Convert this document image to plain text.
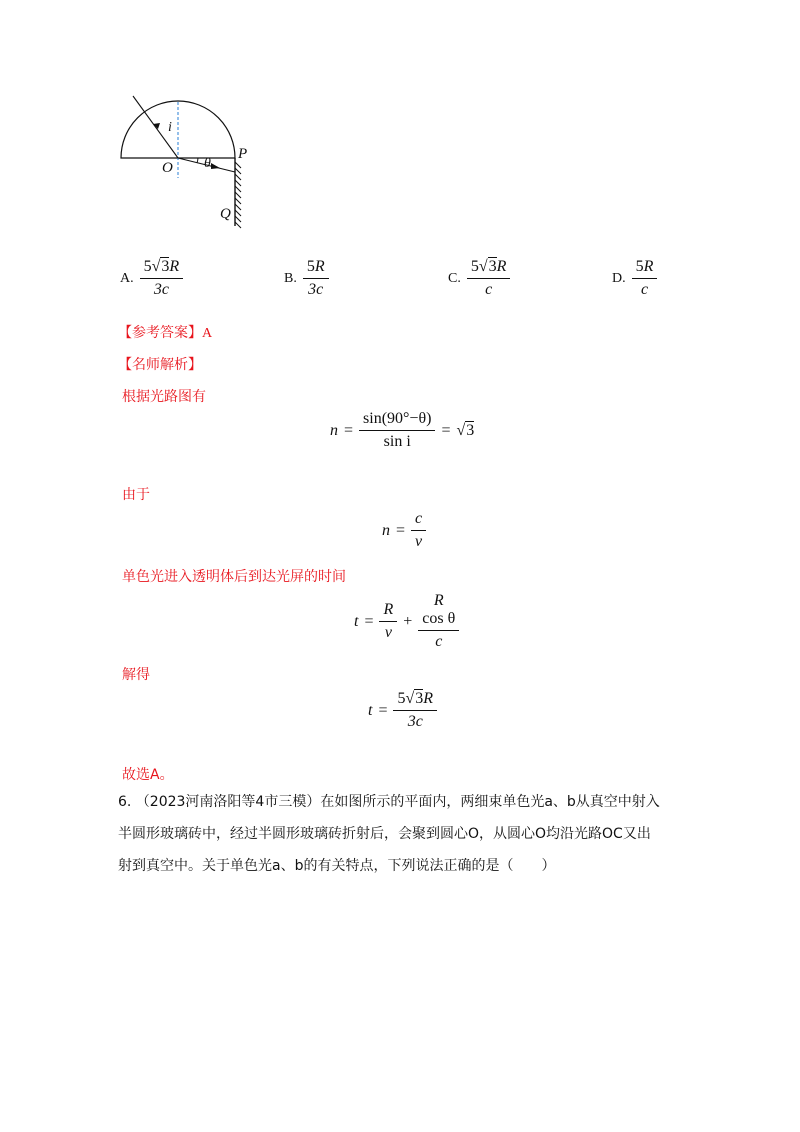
i
O θ
P
Q
A. $\frac{5√3R}{3c}$	B. $\frac{5R}{3c}$	C. $\frac{5√3R}{c}$	D. $\frac{5R}{c}$
【参考答案】A
【名师解析】
根据光路图有
$n = \frac{\sin(90^\circ-\theta)}{\text{sin i}} = √3$
由于
$n = \frac{c}{v}$
单色光进入透明体后到达光屏的时间
$t = \frac{R}{v} + R$
cos θ
c
解得
$t = \frac{5√3R}{3c}$
故选A。
6. （2023河南洛阳等4市三模）在如图所示的平面内，两细束单色光a、b从真空中射入
半圆形玻璃砖中，经过半圆形玻璃砖折射后，会聚到圆心O，从圆心O均沿光路OC又出
射到真空中。关于单色光a、b的有关特点，下列说法正确的是（　　）
